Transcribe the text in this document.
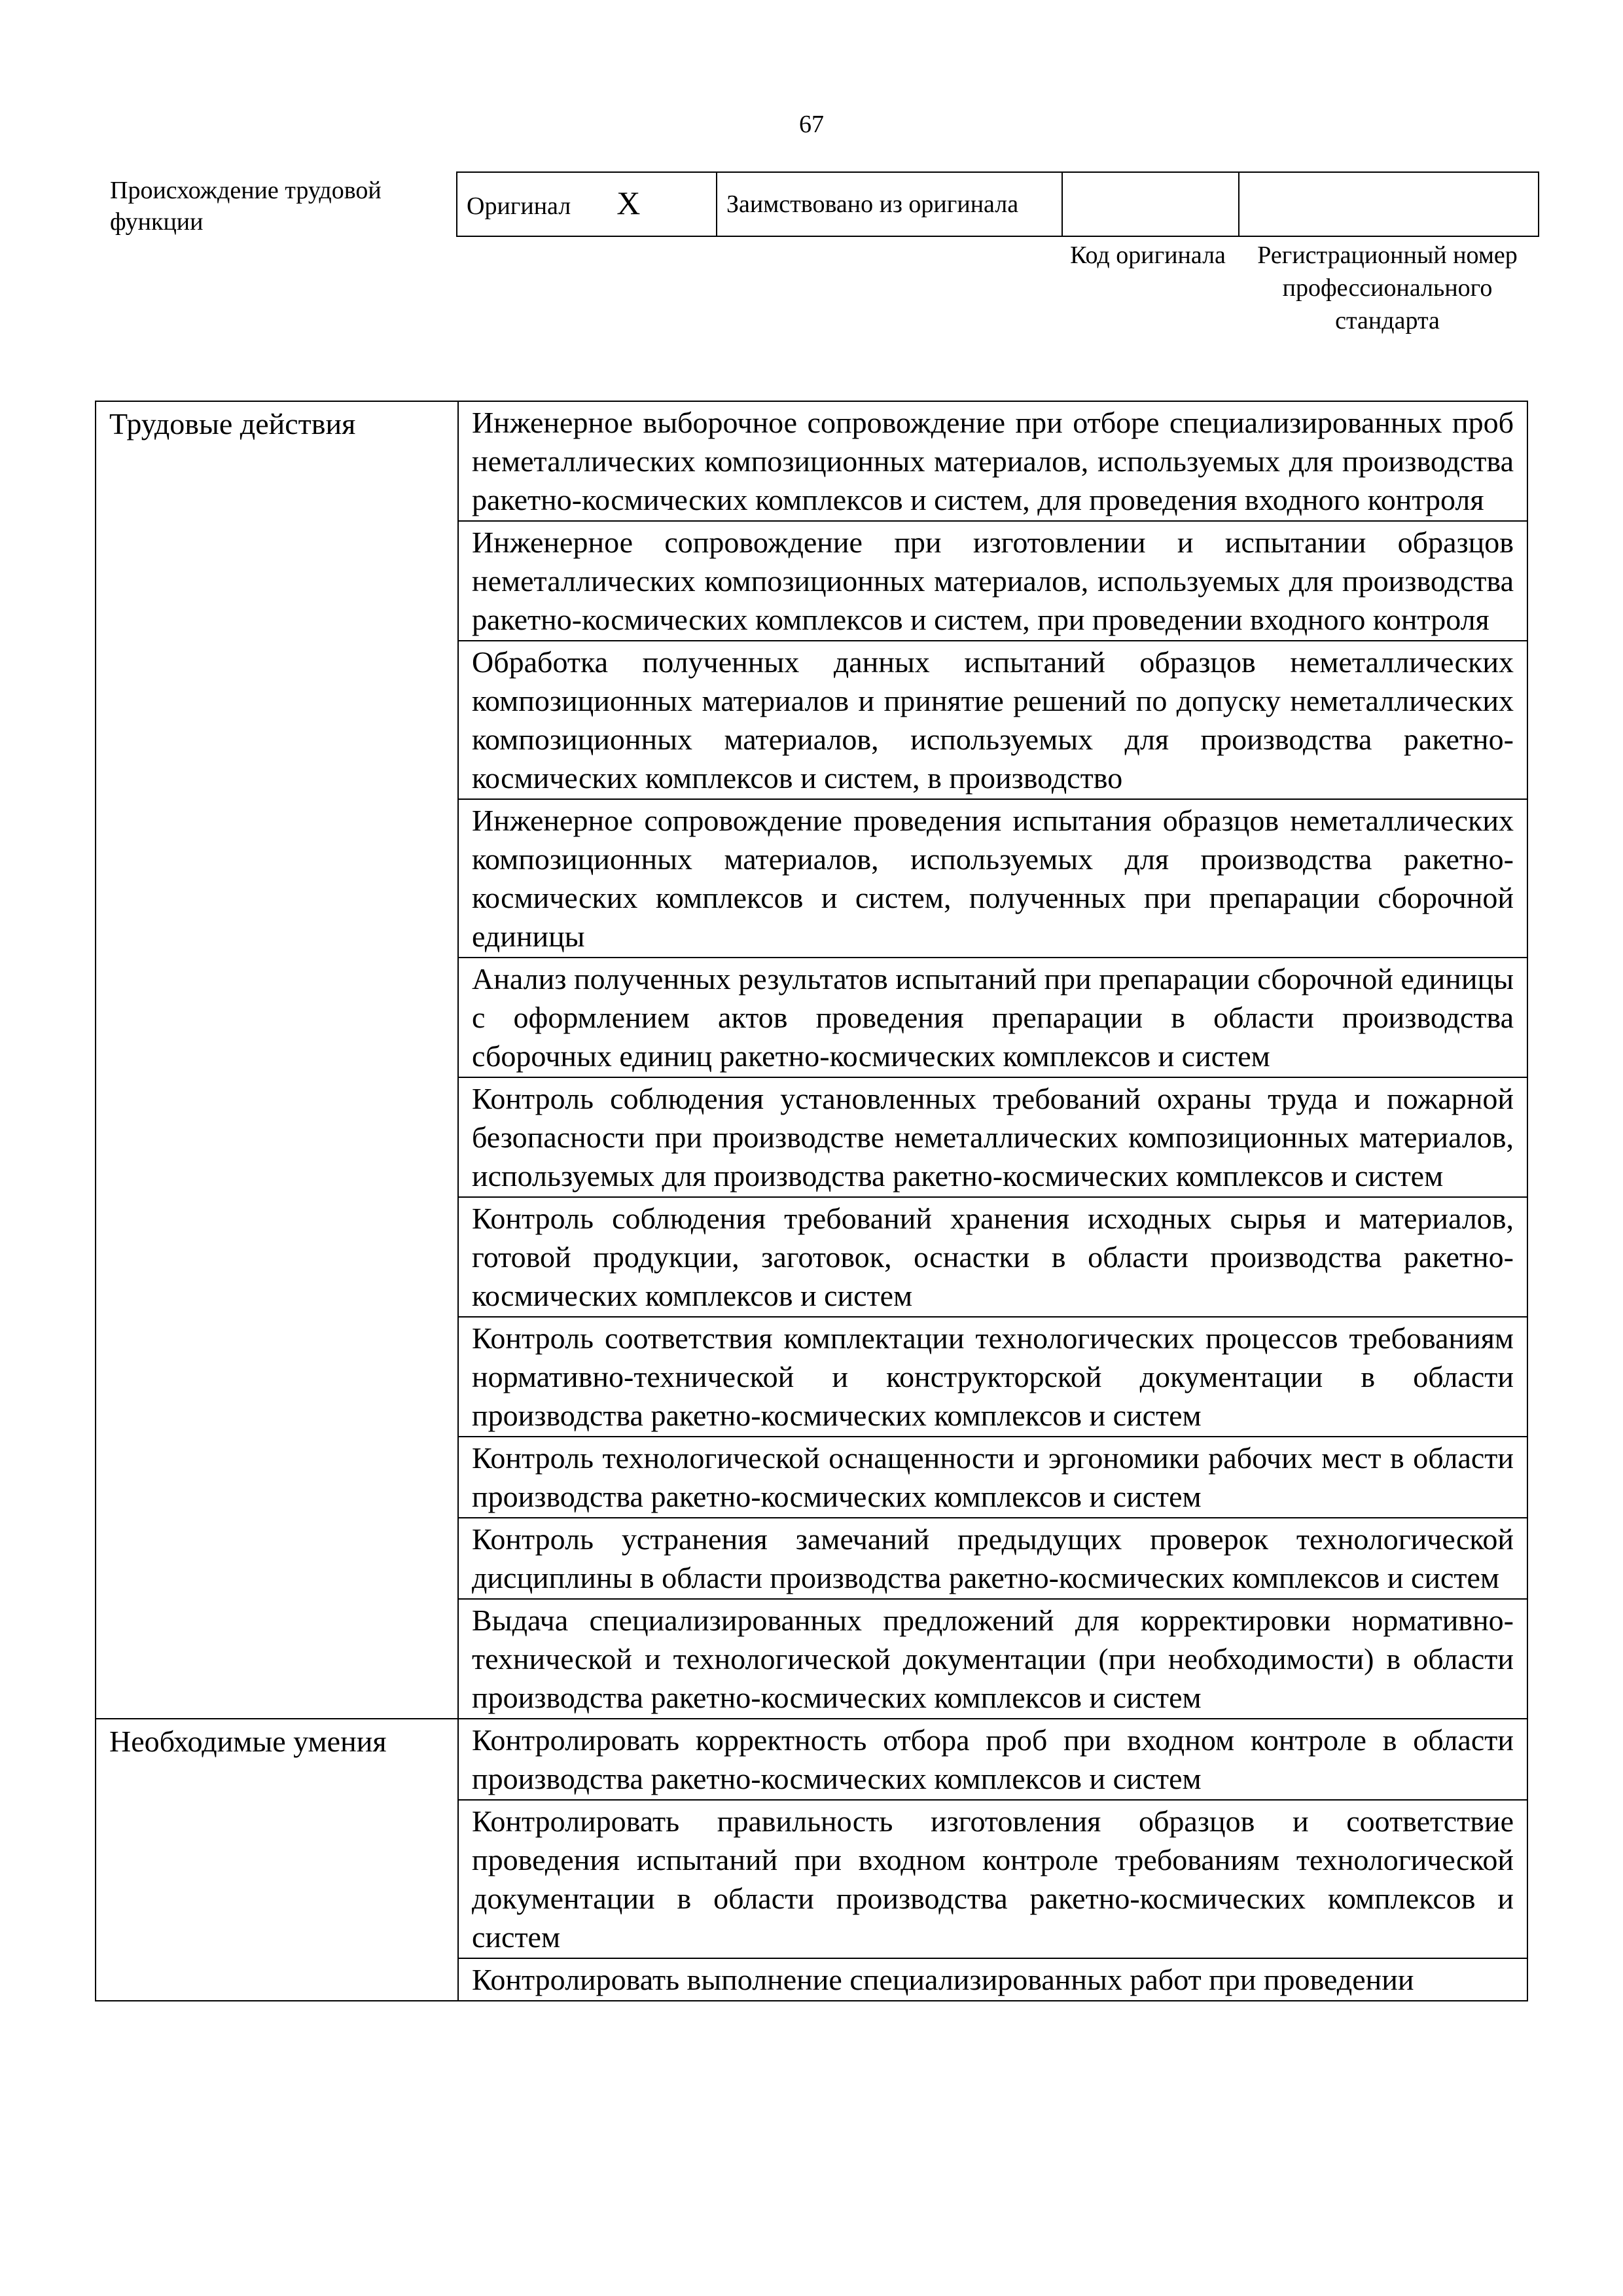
67
Происхождение трудовой функции
Оригинал X	Заимствовано из оригинала		
Код оригинала	Регистрационный номер профессионального стандарта
Трудовые действия	Инженерное выборочное сопровождение при отборе специализированных проб неметаллических композиционных материалов, используемых для производства ракетно-космических комплексов и систем, для проведения входного контроля
	Инженерное сопровождение при изготовлении и испытании образцов неметаллических композиционных материалов, используемых для производства ракетно-космических комплексов и систем, при проведении входного контроля
	Обработка полученных данных испытаний образцов неметаллических композиционных материалов и принятие решений по допуску неметаллических композиционных материалов, используемых для производства ракетно-космических комплексов и систем, в производство
	Инженерное сопровождение проведения испытания образцов неметаллических композиционных материалов, используемых для производства ракетно-космических комплексов и систем, полученных при препарации сборочной единицы
	Анализ полученных результатов испытаний при препарации сборочной единицы с оформлением актов проведения препарации в области производства сборочных единиц ракетно-космических комплексов и систем
	Контроль соблюдения установленных требований охраны труда и пожарной безопасности при производстве неметаллических композиционных материалов, используемых для производства ракетно-космических комплексов и систем
	Контроль соблюдения требований хранения исходных сырья и материалов, готовой продукции, заготовок, оснастки в области производства ракетно-космических комплексов и систем
	Контроль соответствия комплектации технологических процессов требованиям нормативно-технической и конструкторской документации в области производства ракетно-космических комплексов и систем
	Контроль технологической оснащенности и эргономики рабочих мест в области производства ракетно-космических комплексов и систем
	Контроль устранения замечаний предыдущих проверок технологической дисциплины в области производства ракетно-космических комплексов и систем
	Выдача специализированных предложений для корректировки нормативно-технической и технологической документации (при необходимости) в области производства ракетно-космических комплексов и систем
Необходимые умения	Контролировать корректность отбора проб при входном контроле в области производства ракетно-космических комплексов и систем
	Контролировать правильность изготовления образцов и соответствие проведения испытаний при входном контроле требованиям технологической документации в области производства ракетно-космических комплексов и систем
	Контролировать выполнение специализированных работ при проведении
